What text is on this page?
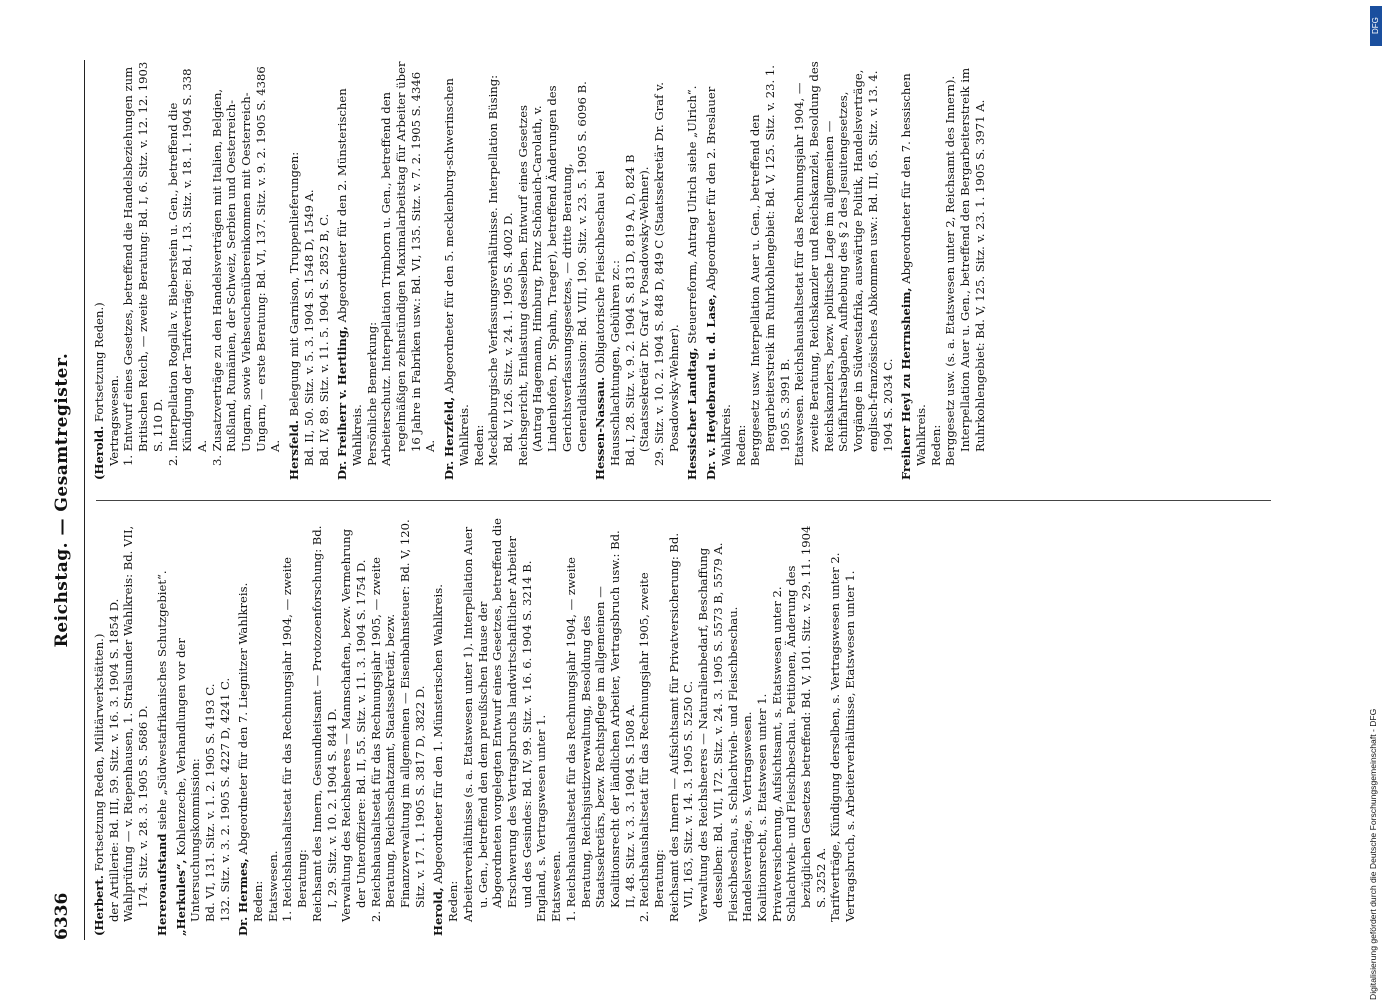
6336
Reichstag. — Gesamtregister.
(Herbert. Fortsetzung Reden, Militärwerkstätten.) der Artillerie: Bd. III, 59. Sitz. v. 16. 3. 1904 S. 1854 D. Wahlprüfung — v. Riepenhausen, 1. Stralsunder Wahlkreis: Bd. VII, 174. Sitz. v. 28. 3. 1905 S. 5686 D. Hereroaufstand siehe „Südwestafrikanisches Schutzgebiet“.
„Herkules“, Kohlenzeche, Verhandlungen vor der Untersuchungskommission: Bd. VI, 131. Sitz. v. 1. 2. 1905 S. 4193 C. 132. Sitz. v. 3. 2. 1905 S. 4227 D, 4241 C. Dr. Hermes, Abgeordneter für den 7. Liegnitzer Wahlkreis.
Reden: Etatswesen. 1. Reichshaushaltsetat für das Rechnungsjahr 1904, — zweite Beratung: Reichsamt des Innern, Gesundheitsamt — Protozoenforschung: Bd. I, 29. Sitz. v. 10. 2. 1904 S. 844 D. Verwaltung des Reichsheeres — Mannschaften, bezw. Vermehrung der Unteroffiziere: Bd. II, 55. Sitz. v. 11. 3. 1904 S. 1754 D. 2. Reichshaushaltsetat für das Rechnungsjahr 1905, — zweite Beratung, Reichsschatzamt, Staatssekretär, bezw. Finanzverwaltung im allgemeinen — Eisenbahnsteuer: Bd. V, 120. Sitz. v. 17. 1. 1905 S. 3817 D, 3822 D.
Herold, Abgeordneter für den 1. Münsterischen Wahlkreis.
Reden: Arbeiterverhältnisse (s. a. Etatswesen unter 1). Interpellation Auer u. Gen., betreffend den dem preußischen Hause der Abgeordneten vorgelegten Entwurf eines Gesetzes, betreffend die Erschwerung des Vertragsbruchs landwirtschaftlicher Arbeiter und des Gesindes: Bd. IV, 99. Sitz. v. 16. 6. 1904 S. 3214 B. England, s. Vertragswesen unter 1. Etatswesen. 1. Reichshaushaltsetat für das Rechnungsjahr 1904, — zweite Beratung, Reichsjustizverwaltung, Besoldung des Staatssekretärs, bezw. Rechtspflege im allgemeinen — Koalitionsrecht der ländlichen Arbeiter, Vertragsbruch usw.: Bd. II, 48. Sitz. v. 3. 3. 1904 S. 1508 A. 2. Reichshaushaltsetat für das Rechnungsjahr 1905, zweite Beratung: Reichsamt des Innern — Aufsichtsamt für Privatversicherung: Bd. VII, 163, Sitz. v. 14. 3. 1905 S. 5250 C. Verwaltung des Reichsheeres — Naturalienbedarf, Beschaffung desselben: Bd. VII, 172. Sitz. v. 24. 3. 1905 S. 5573 B, 5579 A. Fleischbeschau, s. Schlachtvieh- und Fleischbeschau. Handelsverträge, s. Vertragswesen. Koalitionsrecht, s. Etatswesen unter 1. Privatversicherung, Aufsichtsamt, s. Etatswesen unter 2. Schlachtvieh- und Fleischbeschau. Petitionen, Änderung des bezüglichen Gesetzes betreffend: Bd. V, 101. Sitz. v. 29. 11. 1904 S. 3252 A. Tarifverträge, Kündigung derselben, s. Vertragswesen unter 2. Vertragsbruch, s. Arbeiterverhältnisse, Etatswesen unter 1.
(Herold. Fortsetzung Reden.) Vertragswesen. 1. Entwurf eines Gesetzes, betreffend die Handelsbeziehungen zum Britischen Reich, — zweite Beratung: Bd. I, 6. Sitz. v. 12. 12. 1903 S. 110 D. 2. Interpellation Rogalla v. Bieberstein u. Gen., betreffend die Kündigung der Tarifverträge: Bd. I, 13. Sitz. v. 18. 1. 1904 S. 338 A. 3. Zusatzverträge zu den Handelsverträgen mit Italien, Belgien, Rußland, Rumänien, der Schweiz, Serbien und Oesterreich-Ungarn, sowie Viehseuchenübereinkommen mit Oesterreich-Ungarn, — erste Beratung: Bd. VI, 137. Sitz. v. 9. 2. 1905 S. 4386 A. Hersfeld. Belegung mit Garnison, Truppenlieferungen: Bd. II, 50. Sitz. v. 5. 3. 1904 S. 1548 D, 1549 A. Bd. IV, 89. Sitz. v. 11. 5. 1904 S. 2852 B, C. Dr. Freiherr v. Hertling, Abgeordneter für den 2. Münsterischen Wahlkreis. Persönliche Bemerkung: Arbeiterschutz. Interpellation Trimborn u. Gen., betreffend den regelmäßigen zehnstündigen Maximalarbeitstag für Arbeiter über 16 Jahre in Fabriken usw.: Bd. VI, 135. Sitz. v. 7. 2. 1905 S. 4346 A. Dr. Herzfeld, Abgeordneter für den 5. mecklenburg-schwerinschen Wahlkreis. Reden: Mecklenburgische Verfassungsverhältnisse. Interpellation Büsing: Bd. V, 126. Sitz. v. 24. 1. 1905 S. 4002 D. Reichsgericht, Entlastung desselben. Entwurf eines Gesetzes (Antrag Hagemann, Himburg, Prinz Schönaich-Carolath, v. Lindenhofen, Dr. Spahn, Traeger), betreffend Änderungen des Gerichtsverfassungsgesetzes, — dritte Beratung, Generaldiskussion: Bd. VIII, 190. Sitz. v. 23. 5. 1905 S. 6096 B. Hessen-Nassau. Obligatorische Fleischbeschau bei Hausschlachtungen, Gebühren zc.: Bd. I, 28. Sitz. v. 9. 2. 1904 S. 813 D, 819 A, D, 824 B (Staatssekretär Dr. Graf v. Posadowsky-Wehner). 29. Sitz. v. 10. 2. 1904 S. 848 D, 849 C (Staatssekretär Dr. Graf v. Posadowsky-Wehner). Hessischer Landtag, Steuerreform, Antrag Ulrich siehe „Ulrich“.
Dr. v. Heydebrand u. d. Lase, Abgeordneter für den 2. Breslauer Wahlkreis. Reden: Berggesetz usw. Interpellation Auer u. Gen., betreffend den Bergarbeiterstreik im Ruhrkohlengebiet: Bd. V, 125. Sitz. v. 23. 1. 1905 S. 3991 B. Etatswesen. Reichshaushaltsetat für das Rechnungsjahr 1904, — zweite Beratung, Reichskanzler und Reichskanzlei, Besoldung des Reichskanzlers, bezw. politische Lage im allgemeinen — Schiffahrtsabgaben, Aufhebung des § 2 des Jesuitengesetzes, Vorgänge in Südwestafrika, auswärtige Politik, Handelsverträge, englisch-französisches Abkommen usw.: Bd. III, 65. Sitz. v. 13. 4. 1904 S. 2034 C. Freiherr Heyl zu Herrnsheim, Abgeordneter für den 7. hessischen Wahlkreis. Reden: Berggesetz usw. (s. a. Etatswesen unter 2, Reichsamt des Innern). Interpellation Auer u. Gen., betreffend den Bergarbeiterstreik im Ruhrkohlengebiet: Bd. V, 125. Sitz. v. 23. 1. 1905 S. 3971 A.
Digitalisierung gefördert durch die Deutsche Forschungsgemeinschaft - DFG
DFG
